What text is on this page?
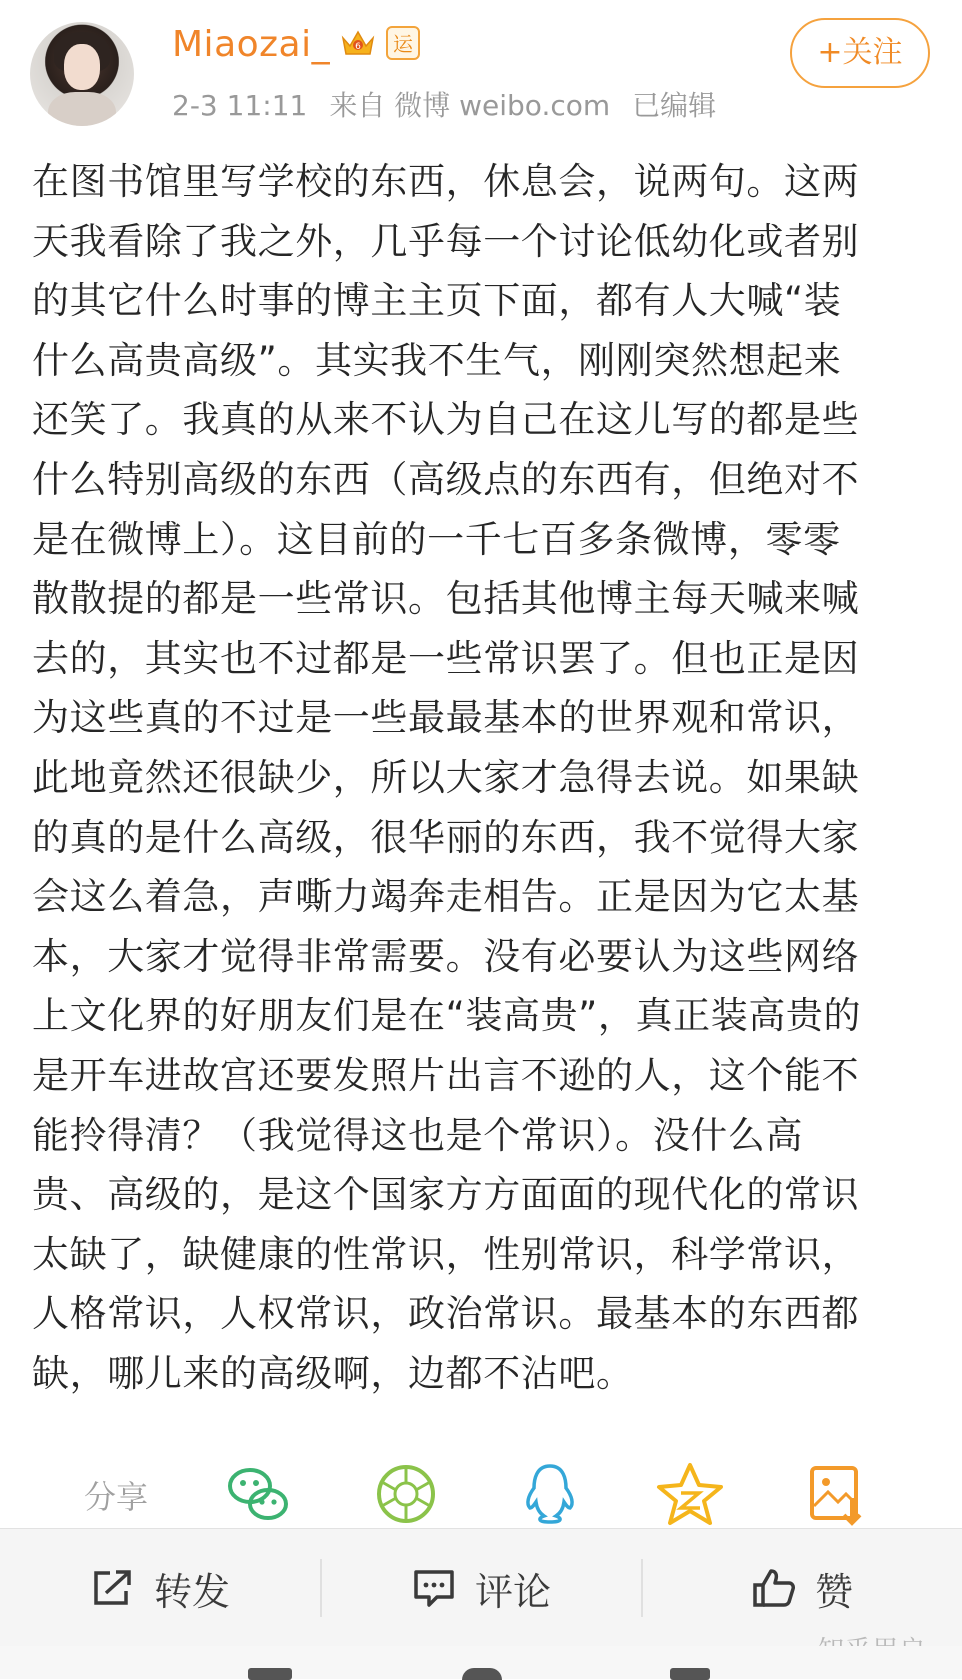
Miaozai_	6	运
2-3 11:11 来自 微博 weibo.com 已编辑
+关注
在图书馆里写学校的东西，休息会，说两句。这两
天我看除了我之外，几乎每一个讨论低幼化或者别
的其它什么时事的博主主页下面，都有人大喊“装
什么高贵高级”。其实我不生气，刚刚突然想起来
还笑了。我真的从来不认为自己在这儿写的都是些
什么特别高级的东西（高级点的东西有，但绝对不
是在微博上）。这目前的一千七百多条微博，零零
散散提的都是一些常识。包括其他博主每天喊来喊
去的，其实也不过都是一些常识罢了。但也正是因
为这些真的不过是一些最最基本的世界观和常识，
此地竟然还很缺少，所以大家才急得去说。如果缺
的真的是什么高级，很华丽的东西，我不觉得大家
会这么着急，声嘶力竭奔走相告。正是因为它太基
本，大家才觉得非常需要。没有必要认为这些网络
上文化界的好朋友们是在“装高贵”，真正装高贵的
是开车进故宫还要发照片出言不逊的人，这个能不
能拎得清？（我觉得这也是个常识）。没什么高
贵、高级的，是这个国家方方面面的现代化的常识
太缺了，缺健康的性常识，性别常识，科学常识，
人格常识，人权常识，政治常识。最基本的东西都
缺，哪儿来的高级啊，边都不沾吧。
分享
转发	评论	赞
